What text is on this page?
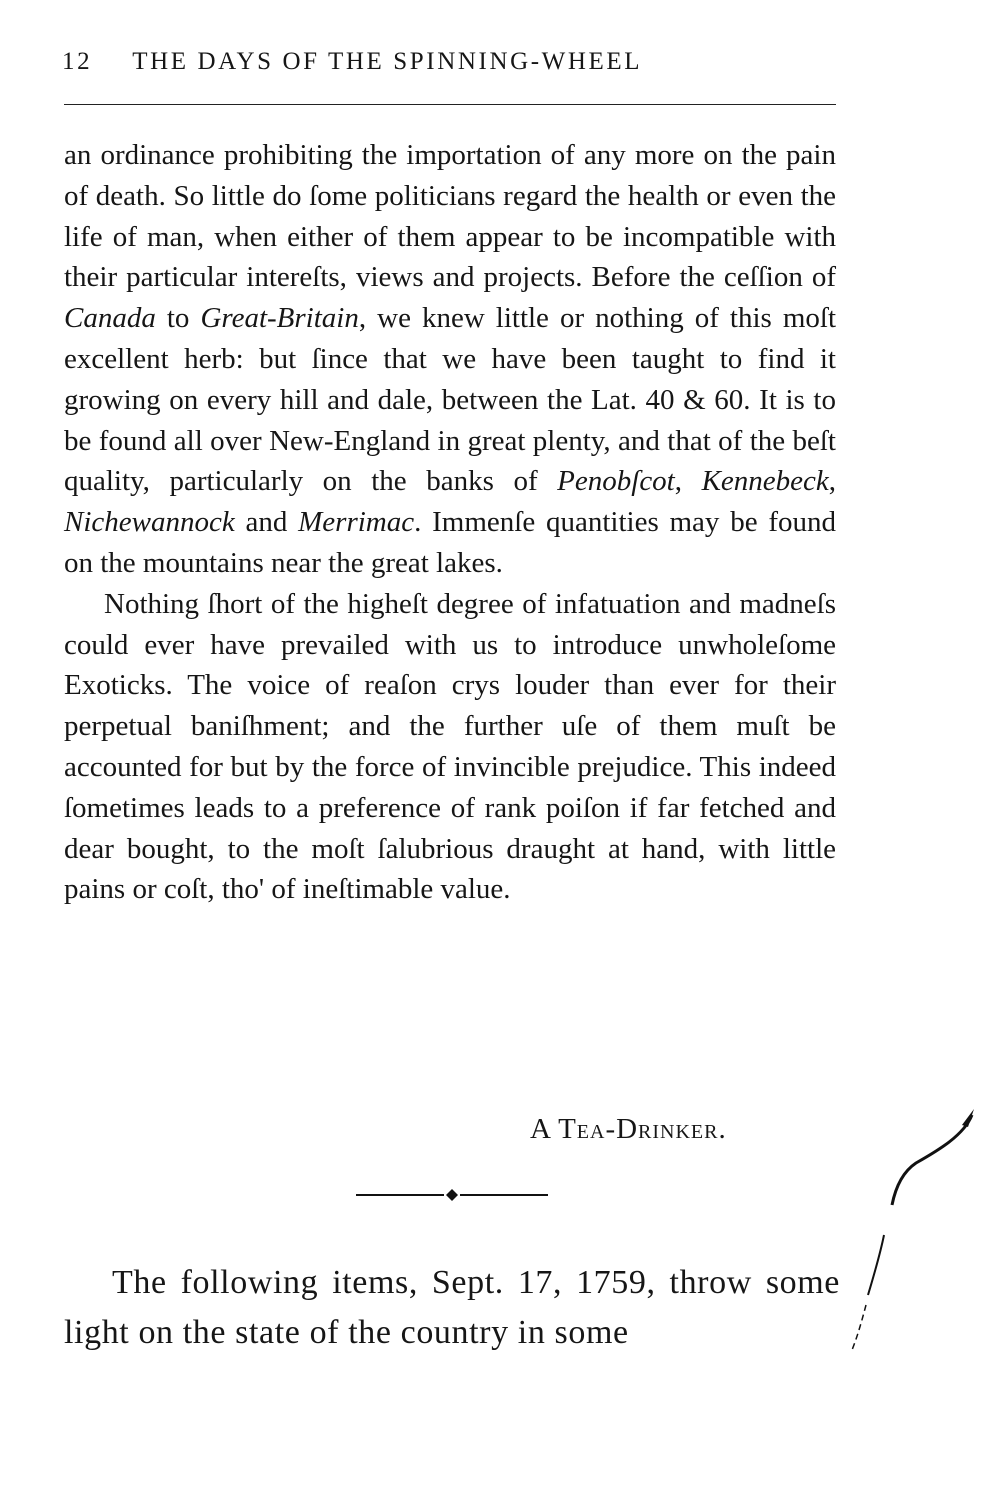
12 THE DAYS OF THE SPINNING-WHEEL

an ordinance prohibiting the importation of any more on the pain of death. So little do ſome politicians regard the health or even the life of man, when either of them appear to be incompatible with their particular intereſts, views and projects. Before the ceſſion of Canada to Great-Britain, we knew little or nothing of this moſt excellent herb: but ſince that we have been taught to find it growing on every hill and dale, between the Lat. 40 & 60. It is to be found all over New-England in great plenty, and that of the beſt quality, particularly on the banks of Penobſcot, Kennebeck, Nichewannock and Merrimac. Immenſe quantities may be found on the mountains near the great lakes.

Nothing ſhort of the higheſt degree of infatuation and madneſs could ever have prevailed with us to introduce unwholeſome Exoticks. The voice of reaſon crys louder than ever for their perpetual baniſhment; and the further uſe of them muſt be accounted for but by the force of invincible prejudice. This indeed ſometimes leads to a preference of rank poiſon if far fetched and dear bought, to the moſt ſalubrious draught at hand, with little pains or coſt, tho' of ineſtimable value.

A Tea-Drinker.

The following items, Sept. 17, 1759, throw some light on the state of the country in some
